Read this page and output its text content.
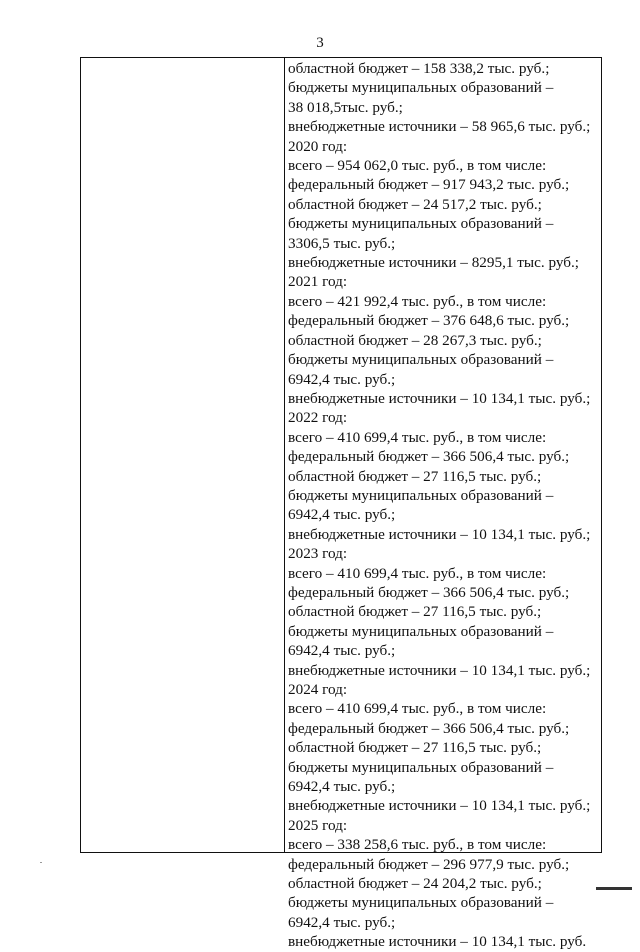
3
областной бюджет – 158 338,2 тыс. руб.;
бюджеты муниципальных образований –
38 018,5тыс. руб.;
внебюджетные источники – 58 965,6 тыс. руб.;
2020 год:
всего – 954 062,0 тыс. руб., в том числе:
федеральный бюджет – 917 943,2 тыс. руб.;
областной бюджет – 24 517,2 тыс. руб.;
бюджеты муниципальных образований –
3306,5 тыс. руб.;
внебюджетные источники – 8295,1 тыс. руб.;
2021 год:
всего – 421 992,4 тыс. руб., в том числе:
федеральный бюджет – 376 648,6 тыс. руб.;
областной бюджет – 28 267,3 тыс. руб.;
бюджеты муниципальных образований –
6942,4 тыс. руб.;
внебюджетные источники – 10 134,1 тыс. руб.;
2022 год:
всего – 410 699,4 тыс. руб., в том числе:
федеральный бюджет – 366 506,4 тыс. руб.;
областной бюджет – 27 116,5 тыс. руб.;
бюджеты муниципальных образований –
6942,4 тыс. руб.;
внебюджетные источники – 10 134,1 тыс. руб.;
2023 год:
всего – 410 699,4 тыс. руб., в том числе:
федеральный бюджет – 366 506,4 тыс. руб.;
областной бюджет – 27 116,5 тыс. руб.;
бюджеты муниципальных образований –
6942,4 тыс. руб.;
внебюджетные источники – 10 134,1 тыс. руб.;
2024 год:
всего – 410 699,4 тыс. руб., в том числе:
федеральный бюджет – 366 506,4 тыс. руб.;
областной бюджет – 27 116,5 тыс. руб.;
бюджеты муниципальных образований –
6942,4 тыс. руб.;
внебюджетные источники – 10 134,1 тыс. руб.;
2025 год:
всего – 338 258,6 тыс. руб., в том числе:
федеральный бюджет – 296 977,9 тыс. руб.;
областной бюджет – 24 204,2 тыс. руб.;
бюджеты муниципальных образований –
6942,4 тыс. руб.;
внебюджетные источники – 10 134,1 тыс. руб.
